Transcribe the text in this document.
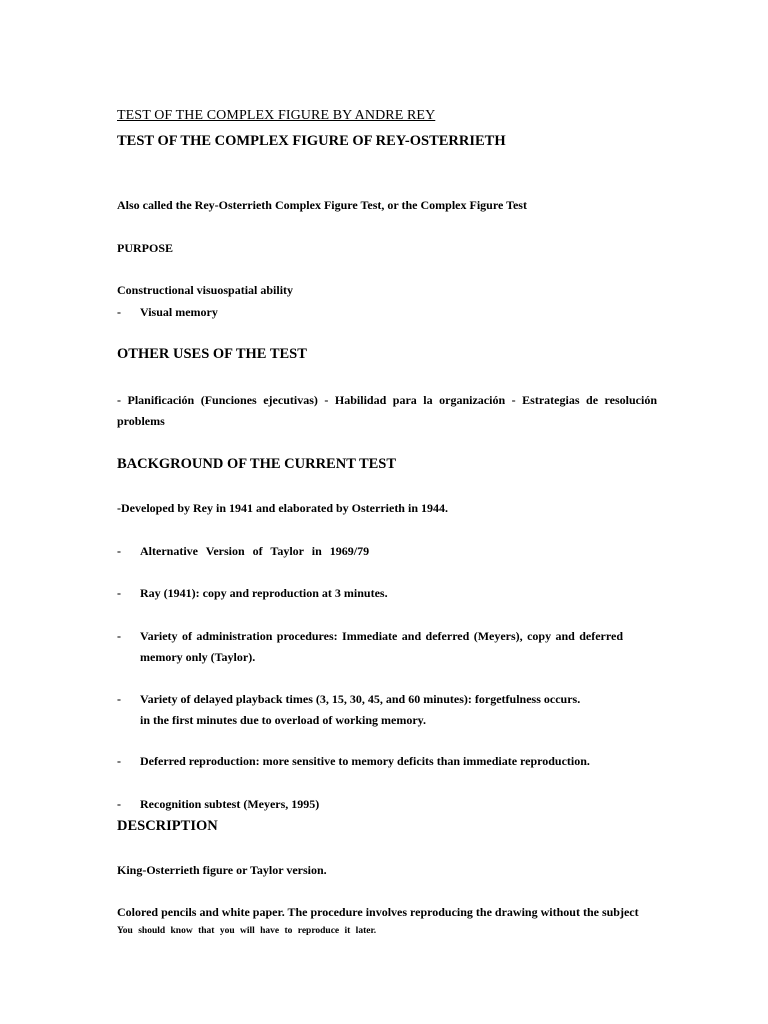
TEST OF THE COMPLEX FIGURE BY ANDRE REY
TEST OF THE COMPLEX FIGURE OF REY-OSTERRIETH
Also called the Rey-Osterrieth Complex Figure Test, or the Complex Figure Test
PURPOSE
Constructional visuospatial ability
- Visual memory
OTHER USES OF THE TEST
- Planificación (Funciones ejecutivas) - Habilidad para la organización - Estrategias de resolución problems
BACKGROUND OF THE CURRENT TEST
-Developed by Rey in 1941 and elaborated by Osterrieth in 1944.
- Alternative Version of Taylor in 1969/79
- Ray (1941): copy and reproduction at 3 minutes.
- Variety of administration procedures: Immediate and deferred (Meyers), copy and deferred memory only (Taylor).
- Variety of delayed playback times (3, 15, 30, 45, and 60 minutes): forgetfulness occurs.
in the first minutes due to overload of working memory.
- Deferred reproduction: more sensitive to memory deficits than immediate reproduction.
- Recognition subtest (Meyers, 1995)
DESCRIPTION
King-Osterrieth figure or Taylor version.
Colored pencils and white paper. The procedure involves reproducing the drawing without the subject
You should know that you will have to reproduce it later.
